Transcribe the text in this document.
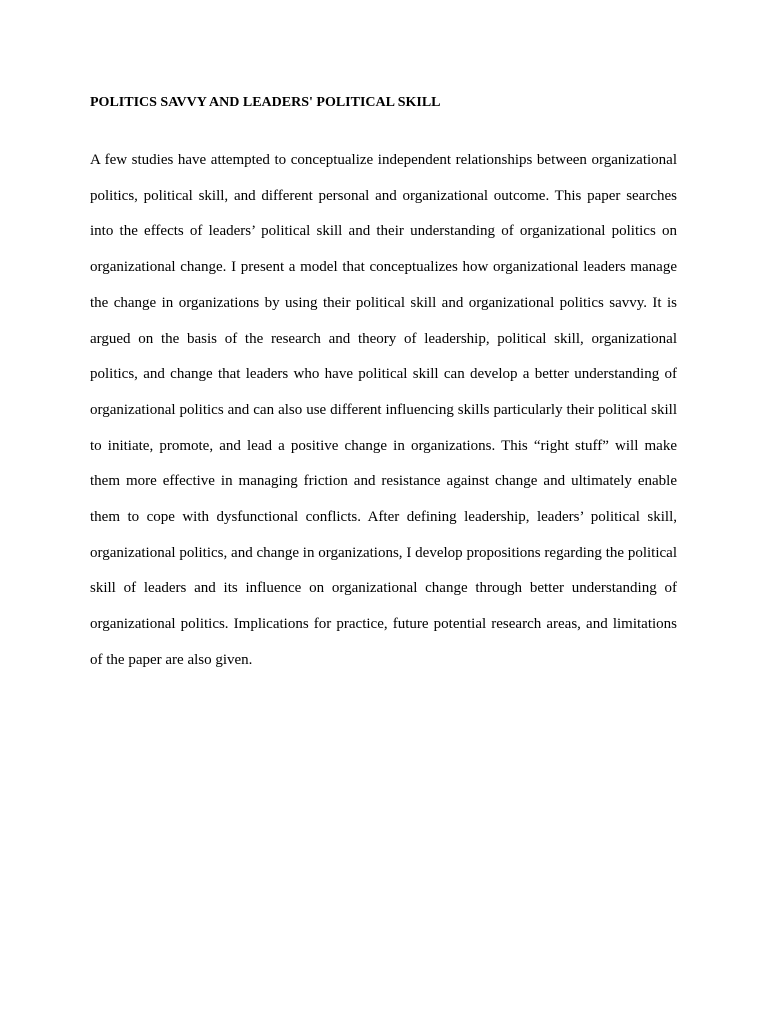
POLITICS SAVVY AND LEADERS' POLITICAL SKILL

A few studies have attempted to conceptualize independent relationships between organizational politics, political skill, and different personal and organizational outcome. This paper searches into the effects of leaders’ political skill and their understanding of organizational politics on organizational change. I present a model that conceptualizes how organizational leaders manage the change in organizations by using their political skill and organizational politics savvy. It is argued on the basis of the research and theory of leadership, political skill, organizational politics, and change that leaders who have political skill can develop a better understanding of organizational politics and can also use different influencing skills particularly their political skill to initiate, promote, and lead a positive change in organizations. This “right stuff” will make them more effective in managing friction and resistance against change and ultimately enable them to cope with dysfunctional conflicts. After defining leadership, leaders’ political skill, organizational politics, and change in organizations, I develop propositions regarding the political skill of leaders and its influence on organizational change through better understanding of organizational politics. Implications for practice, future potential research areas, and limitations of the paper are also given.
